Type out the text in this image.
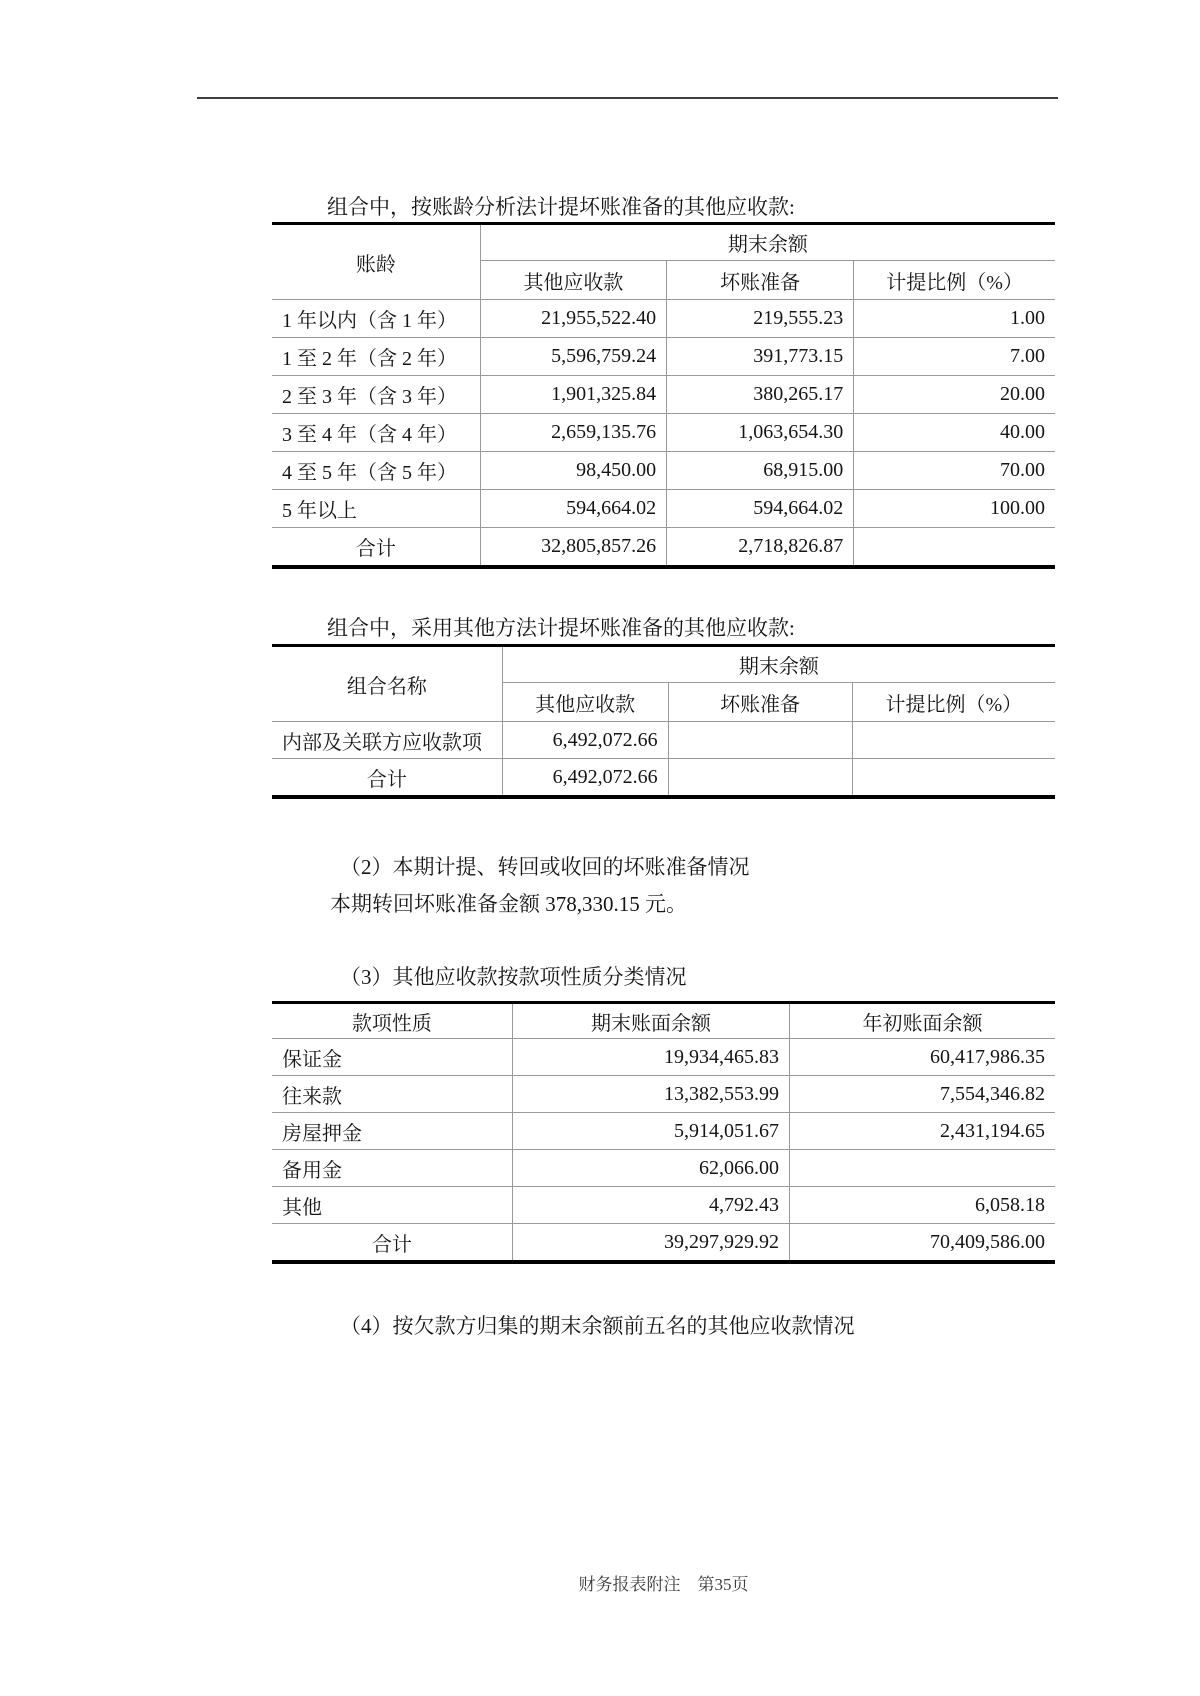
组合中，按账龄分析法计提坏账准备的其他应收款:
账龄	期末余额		
	其他应收款	坏账准备	计提比例（%）
1 年以内（含 1 年）	21,955,522.40	219,555.23	1.00
1 至 2 年（含 2 年）	5,596,759.24	391,773.15	7.00
2 至 3 年（含 3 年）	1,901,325.84	380,265.17	20.00
3 至 4 年（含 4 年）	2,659,135.76	1,063,654.30	40.00
4 至 5 年（含 5 年）	98,450.00	68,915.00	70.00
5 年以上	594,664.02	594,664.02	100.00
合计	32,805,857.26	2,718,826.87	
组合中，采用其他方法计提坏账准备的其他应收款:
组合名称	期末余额		
	其他应收款	坏账准备	计提比例（%）
内部及关联方应收款项	6,492,072.66		
合计	6,492,072.66		
（2）本期计提、转回或收回的坏账准备情况
本期转回坏账准备金额 378,330.15 元。
（3）其他应收款按款项性质分类情况
款项性质	期末账面余额	年初账面余额
保证金	19,934,465.83	60,417,986.35
往来款	13,382,553.99	7,554,346.82
房屋押金	5,914,051.67	2,431,194.65
备用金	62,066.00	
其他	4,792.43	6,058.18
合计	39,297,929.92	70,409,586.00
（4）按欠款方归集的期末余额前五名的其他应收款情况
财务报表附注　第35页
